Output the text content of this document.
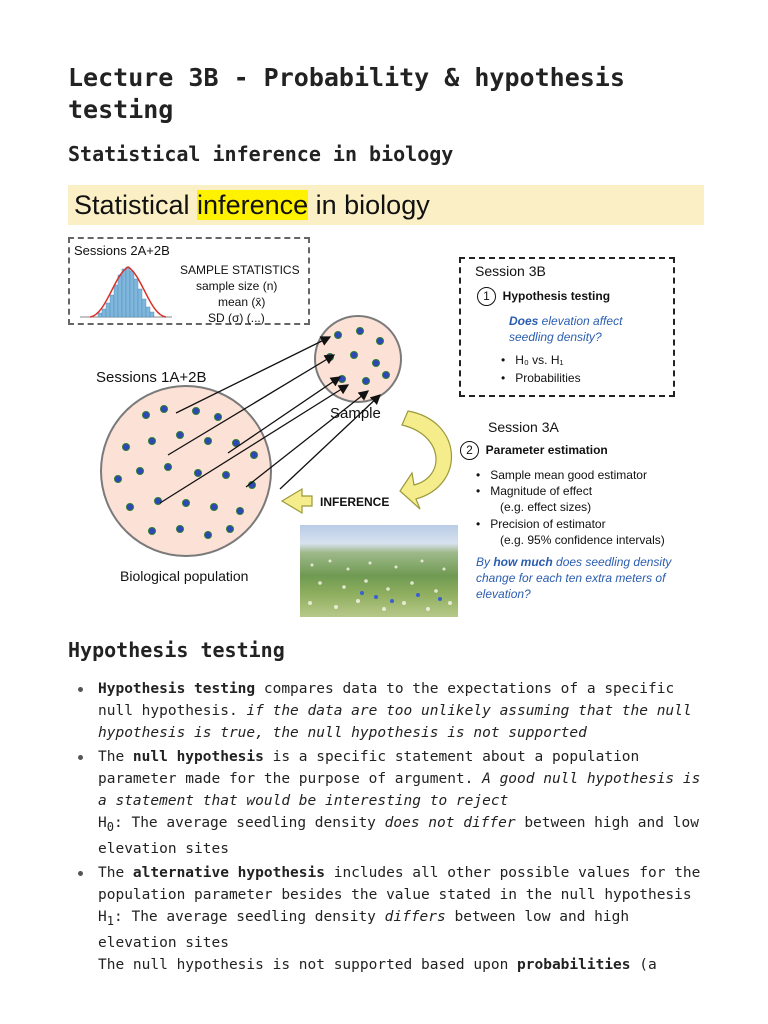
Lecture 3B - Probability & hypothesis testing
Statistical inference in biology

Statistical inference in biology

Sessions 2A+2B
SAMPLE STATISTICS
sample size (n)
mean (x̄)
SD (σ) (...)
Sessions 1A+2B
Biological population
Sample
INFERENCE
Session 3B
1 Hypothesis testing
Does elevation affect seedling density?
•   H₀ vs. H₁
•   Probabilities
Session 3A
2 Parameter estimation
•   Sample mean good estimator
•   Magnitude of effect
(e.g. effect sizes)
•   Precision of estimator
(e.g. 95% confidence intervals)
By how much does seedling density change for each ten extra meters of elevation?
Hypothesis testing
Hypothesis testing compares data to the expectations of a specific null hypothesis. if the data are too unlikely assuming that the null hypothesis is true, the null hypothesis is not supported
The null hypothesis is a specific statement about a population parameter made for the purpose of argument. A good null hypothesis is a statement that would be interesting to reject
$H_0$: The average seedling density does not differ between high and low elevation sites
The alternative hypothesis includes all other possible values for the population parameter besides the value stated in the null hypothesis
$H_1$: The average seedling density differs between low and high elevation sites
The null hypothesis is not supported based upon probabilities (a
